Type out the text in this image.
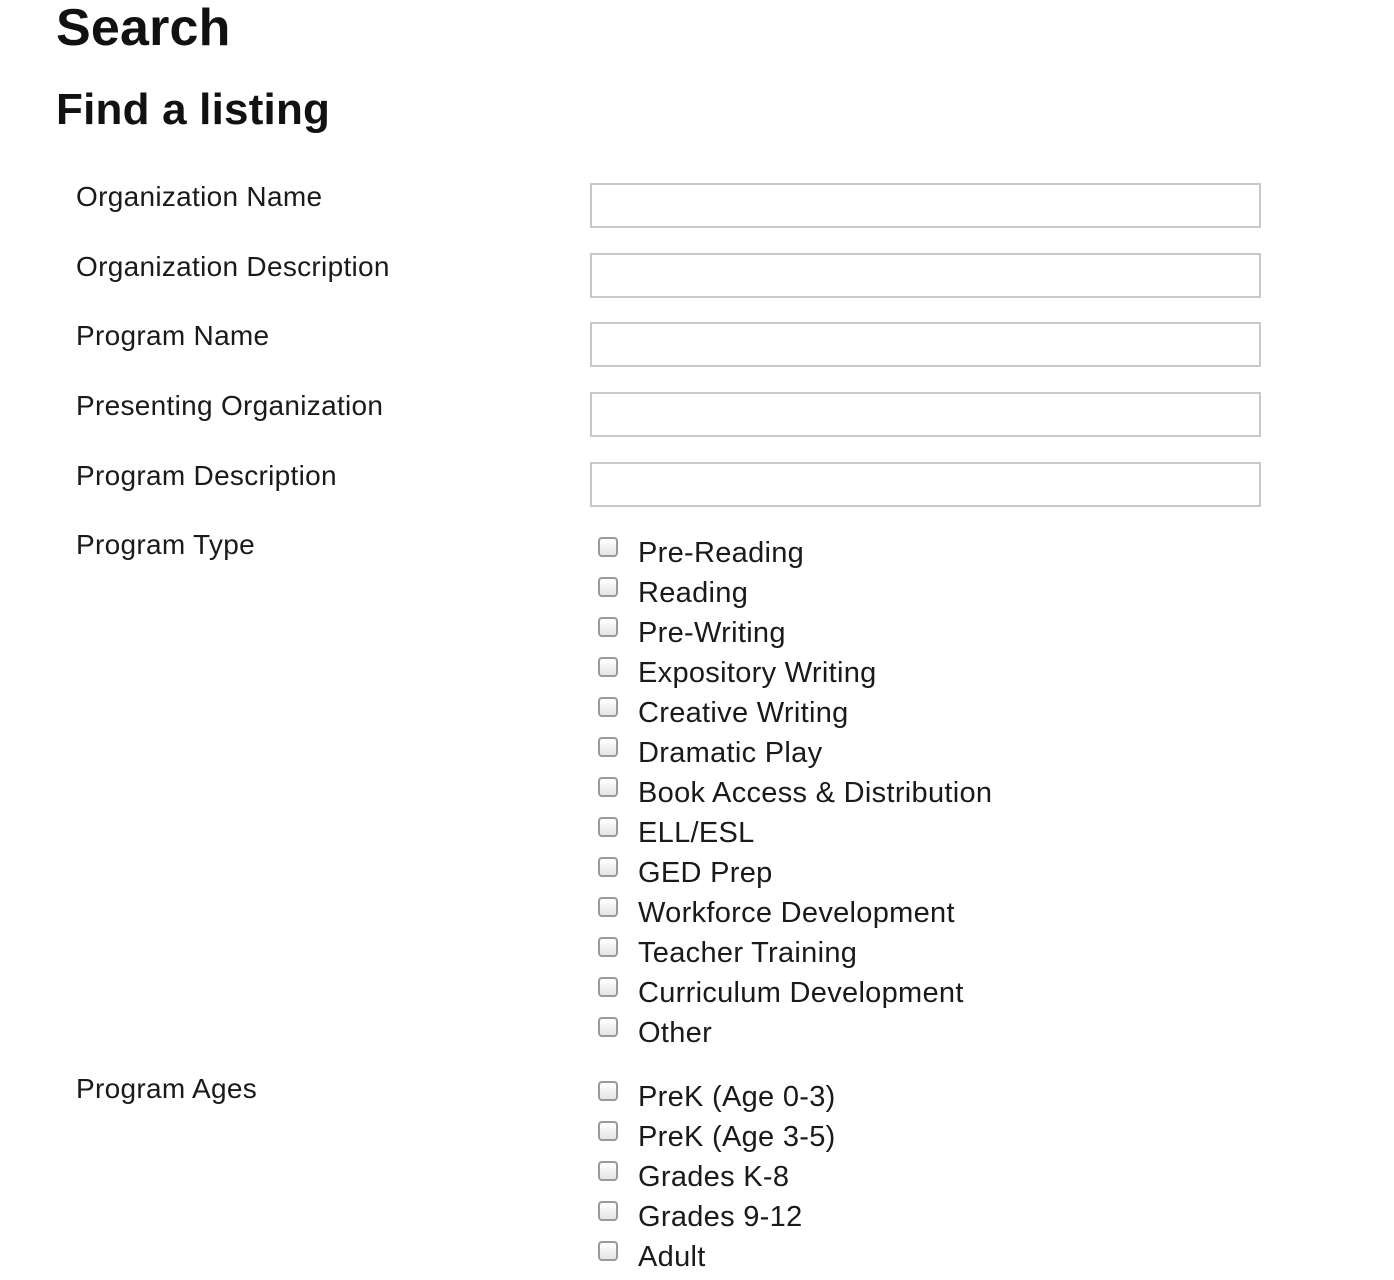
Search
Find a listing
Organization Name
Organization Description
Program Name
Presenting Organization
Program Description
Program Type	Pre-Reading
Reading
Pre-Writing
Expository Writing
Creative Writing
Dramatic Play
Book Access & Distribution
ELL/ESL
GED Prep
Workforce Development
Teacher Training
Curriculum Development
Other
Program Ages	PreK (Age 0-3)
PreK (Age 3-5)
Grades K-8
Grades 9-12
Adult
